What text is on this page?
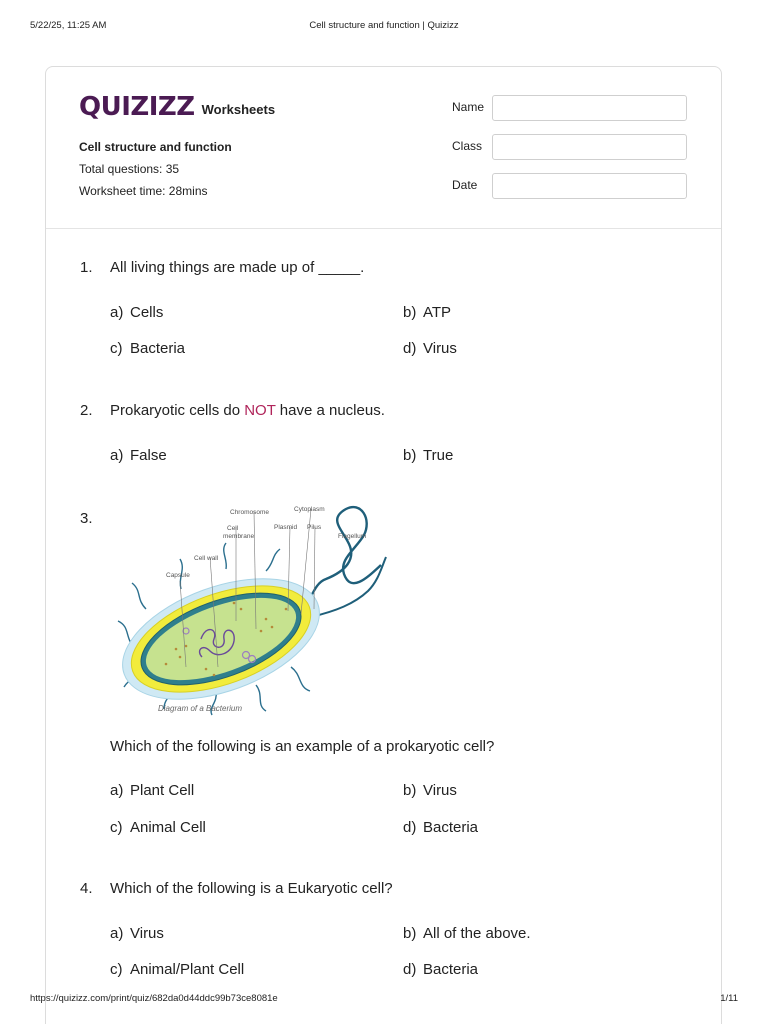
5/22/25, 11:25 AM	Cell structure and function | Quizizz
QUIZIZZ Worksheets
Cell structure and function
Total questions: 35
Worksheet time: 28mins
Name
Class
Date
1. All living things are made up of _____.
a) Cells	b) ATP
c) Bacteria	d) Virus
2. Prokaryotic cells do NOT have a nucleus.
a) False	b) True
3.	Chromosome	Cytoplasm
Cell
membrane
Plasmid Pilus
Flagellum
Cell wall
Capsule
Diagram of a Bacterium
Which of the following is an example of a prokaryotic cell?
a) Plant Cell	b) Virus
c) Animal Cell	d) Bacteria
4. Which of the following is a Eukaryotic cell?
a) Virus	b) All of the above.
c) Animal/Plant Cell	d) Bacteria
https://quizizz.com/print/quiz/682da0d44ddc99b73ce8081e	1/11
